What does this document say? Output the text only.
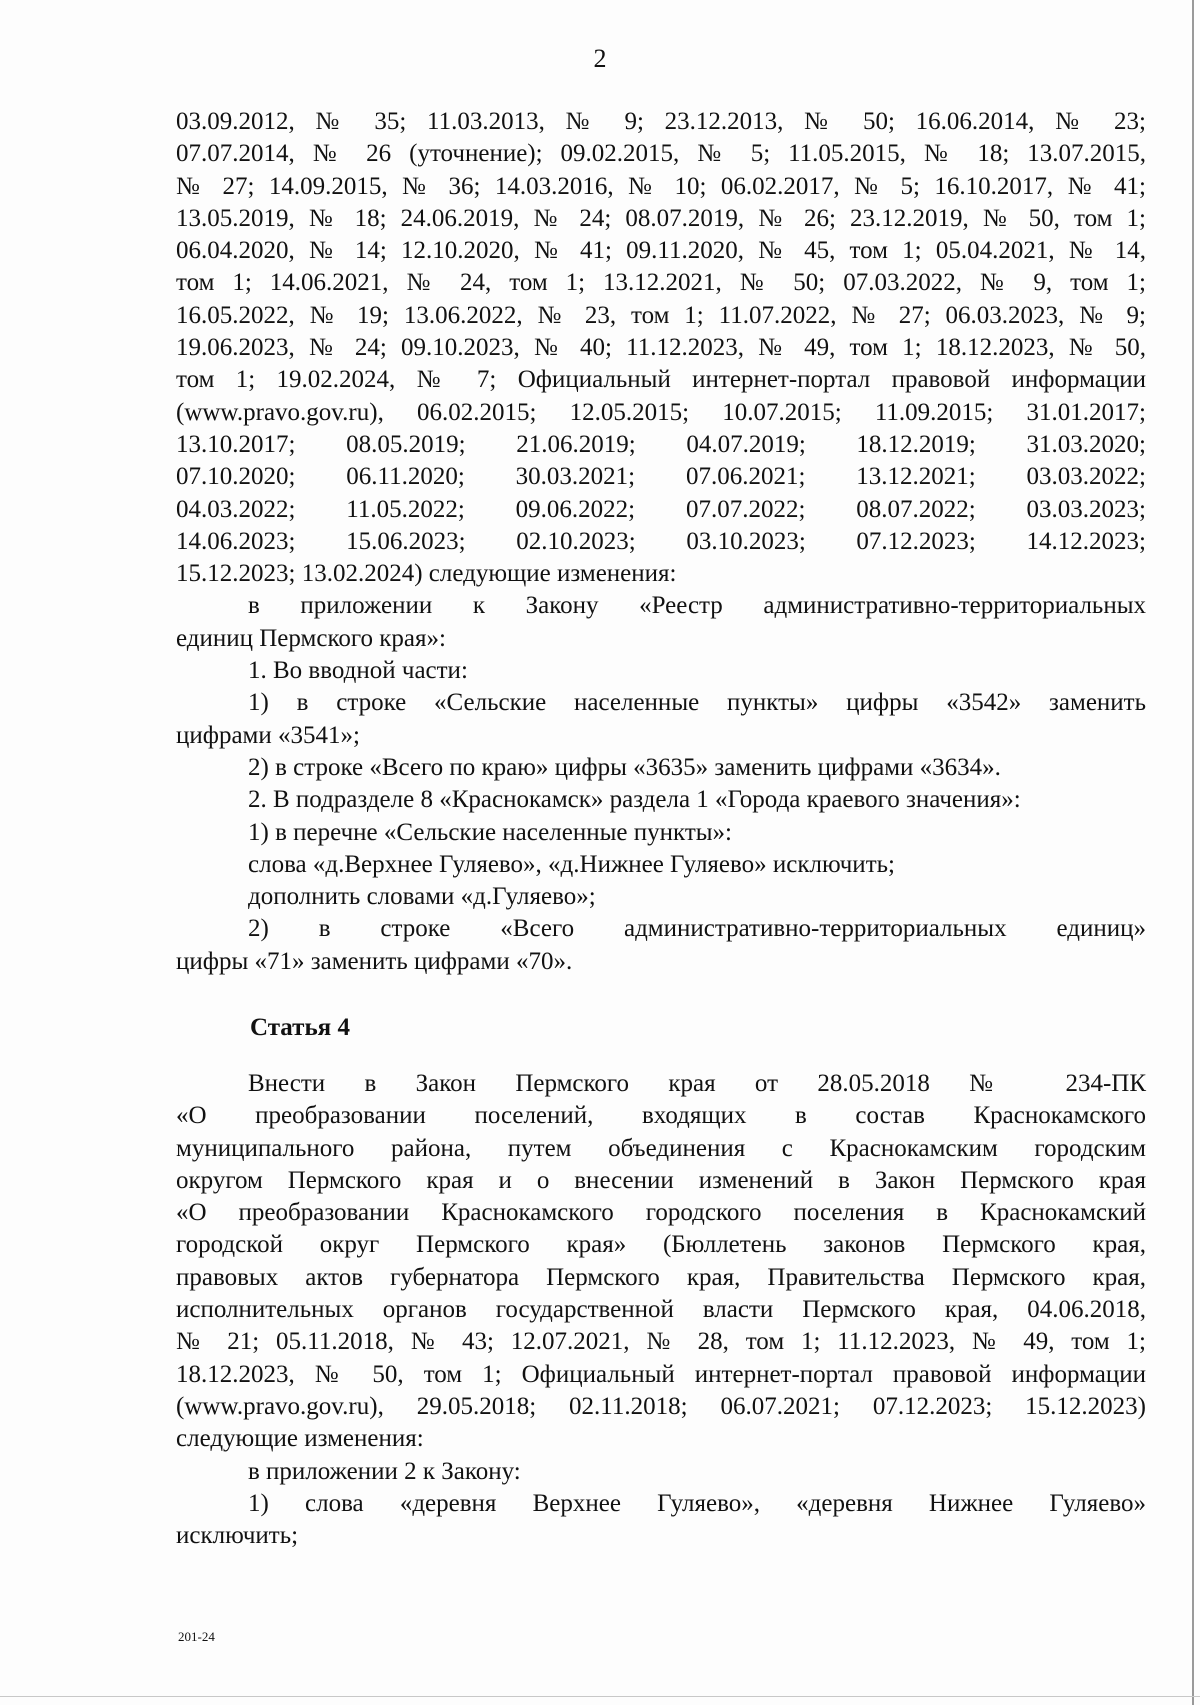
2
03.09.2012, № 35; 11.03.2013, № 9; 23.12.2013, № 50; 16.06.2014, № 23;
07.07.2014, № 26 (уточнение); 09.02.2015, № 5; 11.05.2015, № 18; 13.07.2015,
№ 27; 14.09.2015, № 36; 14.03.2016, № 10; 06.02.2017, № 5; 16.10.2017, № 41;
13.05.2019, № 18; 24.06.2019, № 24; 08.07.2019, № 26; 23.12.2019, № 50, том 1;
06.04.2020, № 14; 12.10.2020, № 41; 09.11.2020, № 45, том 1; 05.04.2021, № 14,
том 1; 14.06.2021, № 24, том 1; 13.12.2021, № 50; 07.03.2022, № 9, том 1;
16.05.2022, № 19; 13.06.2022, № 23, том 1; 11.07.2022, № 27; 06.03.2023, № 9;
19.06.2023, № 24; 09.10.2023, № 40; 11.12.2023, № 49, том 1; 18.12.2023, № 50,
том 1; 19.02.2024, № 7; Официальный интернет-портал правовой информации
(www.pravo.gov.ru), 06.02.2015; 12.05.2015; 10.07.2015; 11.09.2015; 31.01.2017;
13.10.2017; 08.05.2019; 21.06.2019; 04.07.2019; 18.12.2019; 31.03.2020;
07.10.2020; 06.11.2020; 30.03.2021; 07.06.2021; 13.12.2021; 03.03.2022;
04.03.2022; 11.05.2022; 09.06.2022; 07.07.2022; 08.07.2022; 03.03.2023;
14.06.2023; 15.06.2023; 02.10.2023; 03.10.2023; 07.12.2023; 14.12.2023;
15.12.2023; 13.02.2024) следующие изменения:
в приложении к Закону «Реестр административно-территориальных
единиц Пермского края»:
1. Во вводной части:
1) в строке «Сельские населенные пункты» цифры «3542» заменить
цифрами «3541»;
2) в строке «Всего по краю» цифры «3635» заменить цифрами «3634».
2. В подразделе 8 «Краснокамск» раздела 1 «Города краевого значения»:
1) в перечне «Сельские населенные пункты»:
слова «д.Верхнее Гуляево», «д.Нижнее Гуляево» исключить;
дополнить словами «д.Гуляево»;
2) в строке «Всего административно-территориальных единиц»
цифры «71» заменить цифрами «70».
Статья 4
Внести в Закон Пермского края от 28.05.2018 № 234-ПК
«О преобразовании поселений, входящих в состав Краснокамского
муниципального района, путем объединения с Краснокамским городским
округом Пермского края и о внесении изменений в Закон Пермского края
«О преобразовании Краснокамского городского поселения в Краснокамский
городской округ Пермского края» (Бюллетень законов Пермского края,
правовых актов губернатора Пермского края, Правительства Пермского края,
исполнительных органов государственной власти Пермского края, 04.06.2018,
№ 21; 05.11.2018, № 43; 12.07.2021, № 28, том 1; 11.12.2023, № 49, том 1;
18.12.2023, № 50, том 1; Официальный интернет-портал правовой информации
(www.pravo.gov.ru), 29.05.2018; 02.11.2018; 06.07.2021; 07.12.2023; 15.12.2023)
следующие изменения:
в приложении 2 к Закону:
1) слова «деревня Верхнее Гуляево», «деревня Нижнее Гуляево»
исключить;
201-24
